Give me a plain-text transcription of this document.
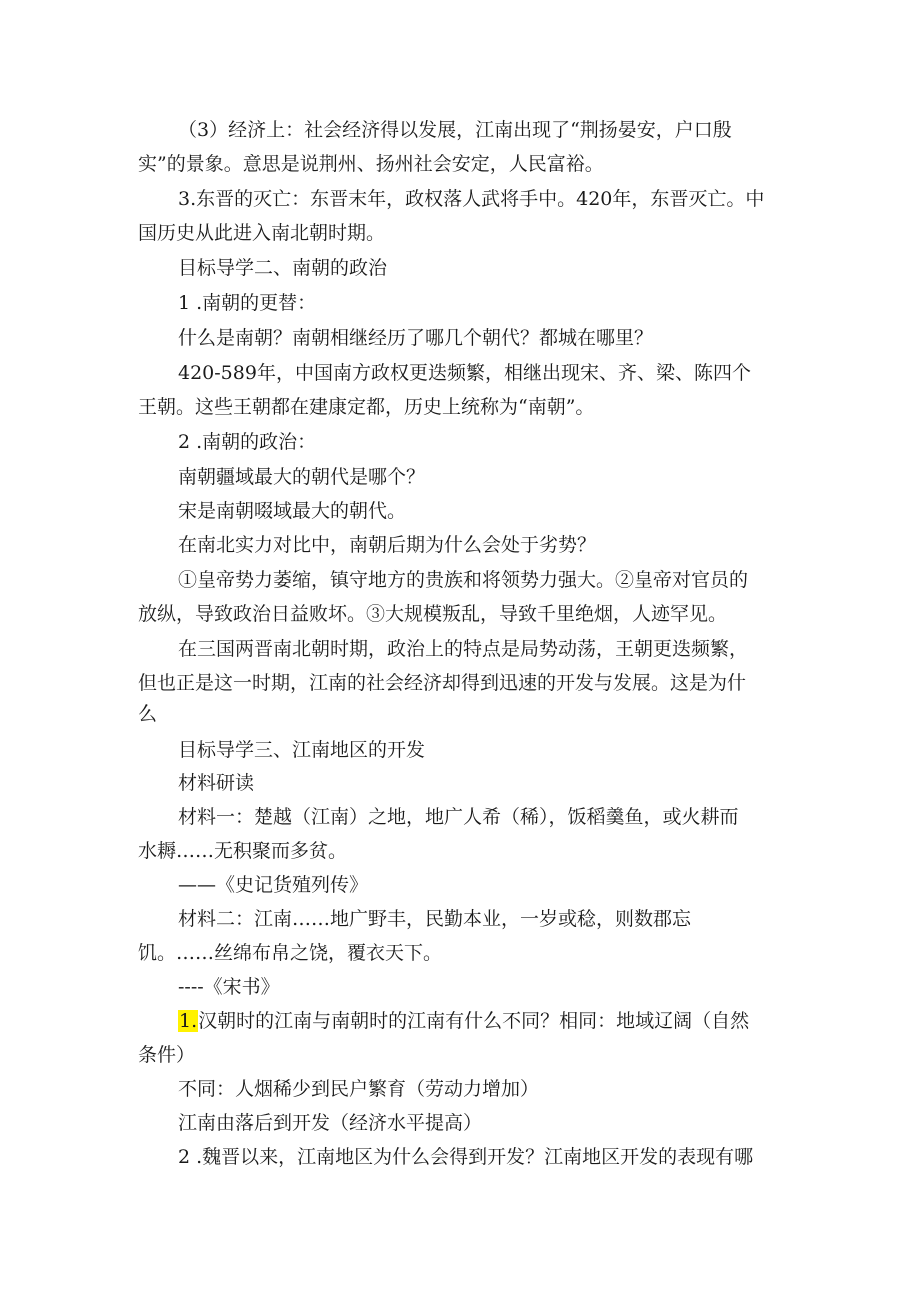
（3）经济上：社会经济得以发展，江南出现了“荆扬晏安，户口殷
实”的景象。意思是说荆州、扬州社会安定，人民富裕。
3.东晋的灭亡：东晋末年，政权落人武将手中。420年，东晋灭亡。中
国历史从此进入南北朝时期。
目标导学二、南朝的政治
1 .南朝的更替：
什么是南朝？南朝相继经历了哪几个朝代？都城在哪里？
420-589年，中国南方政权更迭频繁，相继出现宋、齐、梁、陈四个
王朝。这些王朝都在建康定都，历史上统称为“南朝”。
2 .南朝的政治：
南朝疆域最大的朝代是哪个？
宋是南朝啜域最大的朝代。
在南北实力对比中，南朝后期为什么会处于劣势？
①皇帝势力萎缩，镇守地方的贵族和将领势力强大。②皇帝对官员的
放纵，导致政治日益败坏。③大规模叛乱，导致千里绝烟，人迹罕见。
在三国两晋南北朝时期，政治上的特点是局势动荡，王朝更迭频繁，
但也正是这一时期，江南的社会经济却得到迅速的开发与发展。这是为什
么
目标导学三、江南地区的开发
材料研读
材料一：楚越（江南）之地，地广人希（稀），饭稻羹鱼，或火耕而
水耨……无积聚而多贫。
——《史记货殖列传》
材料二：江南……地广野丰，民勤本业，一岁或稔，则数郡忘
饥。……丝绵布帛之饶，覆衣天下。
----《宋书》
1.汉朝时的江南与南朝时的江南有什么不同？相同：地域辽阔（自然
条件）
不同：人烟稀少到民户繁育（劳动力增加）
江南由落后到开发（经济水平提高）
2 .魏晋以来，江南地区为什么会得到开发？江南地区开发的表现有哪
